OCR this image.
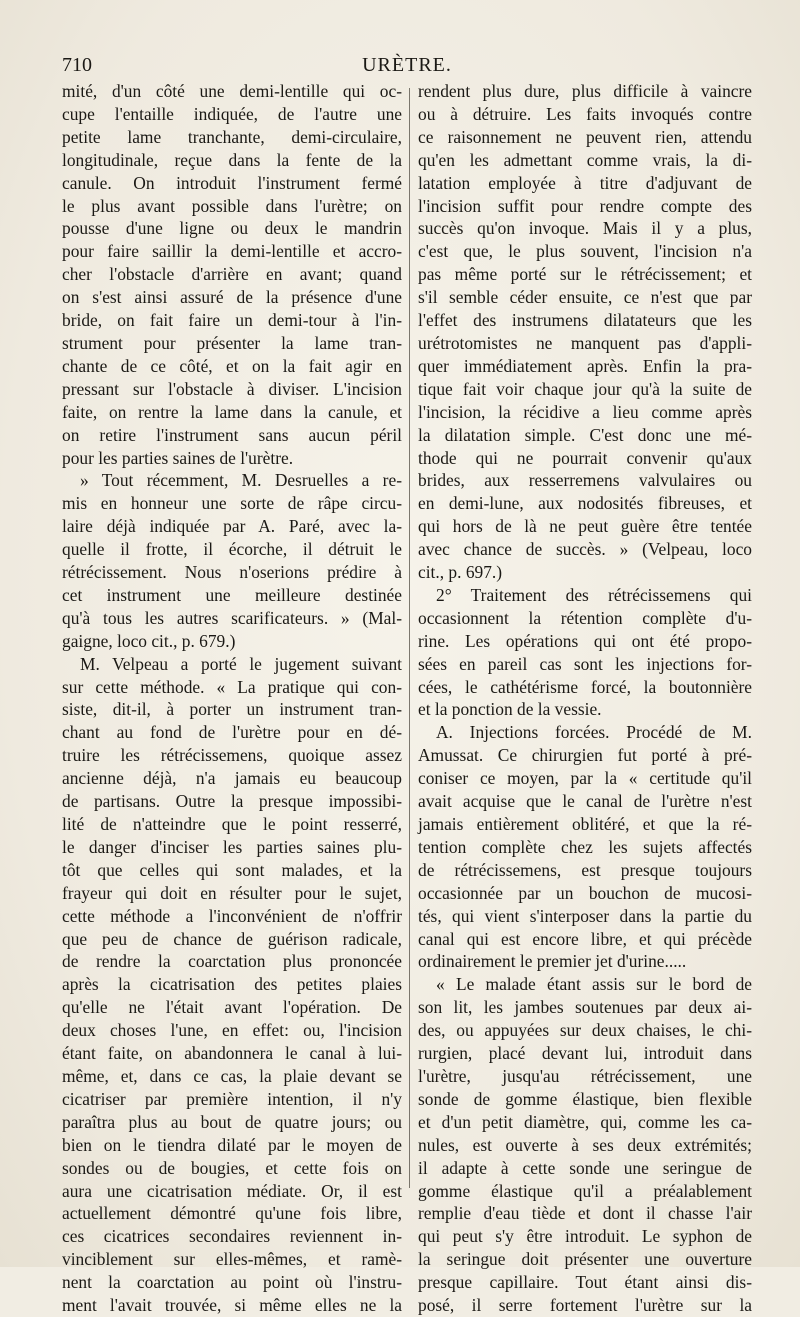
710	URÈTRE.
mité, d'un côté une demi-lentille qui oc-
cupe l'entaille indiquée, de l'autre une
petite lame tranchante, demi-circulaire,
longitudinale, reçue dans la fente de la
canule. On introduit l'instrument fermé
le plus avant possible dans l'urètre; on
pousse d'une ligne ou deux le mandrin
pour faire saillir la demi-lentille et accro-
cher l'obstacle d'arrière en avant; quand
on s'est ainsi assuré de la présence d'une
bride, on fait faire un demi-tour à l'in-
strument pour présenter la lame tran-
chante de ce côté, et on la fait agir en
pressant sur l'obstacle à diviser. L'incision
faite, on rentre la lame dans la canule, et
on retire l'instrument sans aucun péril
pour les parties saines de l'urètre.
» Tout récemment, M. Desruelles a re-
mis en honneur une sorte de râpe circu-
laire déjà indiquée par A. Paré, avec la-
quelle il frotte, il écorche, il détruit le
rétrécissement. Nous n'oserions prédire à
cet instrument une meilleure destinée
qu'à tous les autres scarificateurs. » (Mal-
gaigne, loco cit., p. 679.)
M. Velpeau a porté le jugement suivant
sur cette méthode. « La pratique qui con-
siste, dit-il, à porter un instrument tran-
chant au fond de l'urètre pour en dé-
truire les rétrécissemens, quoique assez
ancienne déjà, n'a jamais eu beaucoup
de partisans. Outre la presque impossibi-
lité de n'atteindre que le point resserré,
le danger d'inciser les parties saines plu-
tôt que celles qui sont malades, et la
frayeur qui doit en résulter pour le sujet,
cette méthode a l'inconvénient de n'offrir
que peu de chance de guérison radicale,
de rendre la coarctation plus prononcée
après la cicatrisation des petites plaies
qu'elle ne l'était avant l'opération. De
deux choses l'une, en effet: ou, l'incision
étant faite, on abandonnera le canal à lui-
même, et, dans ce cas, la plaie devant se
cicatriser par première intention, il n'y
paraîtra plus au bout de quatre jours; ou
bien on le tiendra dilaté par le moyen de
sondes ou de bougies, et cette fois on
aura une cicatrisation médiate. Or, il est
actuellement démontré qu'une fois libre,
ces cicatrices secondaires reviennent in-
vinciblement sur elles-mêmes, et ramè-
nent la coarctation au point où l'instru-
ment l'avait trouvée, si même elles ne la
rendent plus dure, plus difficile à vaincre
ou à détruire. Les faits invoqués contre
ce raisonnement ne peuvent rien, attendu
qu'en les admettant comme vrais, la di-
latation employée à titre d'adjuvant de
l'incision suffit pour rendre compte des
succès qu'on invoque. Mais il y a plus,
c'est que, le plus souvent, l'incision n'a
pas même porté sur le rétrécissement; et
s'il semble céder ensuite, ce n'est que par
l'effet des instrumens dilatateurs que les
urétrotomistes ne manquent pas d'appli-
quer immédiatement après. Enfin la pra-
tique fait voir chaque jour qu'à la suite de
l'incision, la récidive a lieu comme après
la dilatation simple. C'est donc une mé-
thode qui ne pourrait convenir qu'aux
brides, aux resserremens valvulaires ou
en demi-lune, aux nodosités fibreuses, et
qui hors de là ne peut guère être tentée
avec chance de succès. » (Velpeau, loco
cit., p. 697.)
2° Traitement des rétrécissemens qui
occasionnent la rétention complète d'u-
rine. Les opérations qui ont été propo-
sées en pareil cas sont les injections for-
cées, le cathétérisme forcé, la boutonnière
et la ponction de la vessie.
A. Injections forcées. Procédé de M.
Amussat. Ce chirurgien fut porté à pré-
coniser ce moyen, par la « certitude qu'il
avait acquise que le canal de l'urètre n'est
jamais entièrement oblitéré, et que la ré-
tention complète chez les sujets affectés
de rétrécissemens, est presque toujours
occasionnée par un bouchon de mucosi-
tés, qui vient s'interposer dans la partie du
canal qui est encore libre, et qui précède
ordinairement le premier jet d'urine.....
« Le malade étant assis sur le bord de
son lit, les jambes soutenues par deux ai-
des, ou appuyées sur deux chaises, le chi-
rurgien, placé devant lui, introduit dans
l'urètre, jusqu'au rétrécissement, une
sonde de gomme élastique, bien flexible
et d'un petit diamètre, qui, comme les ca-
nules, est ouverte à ses deux extrémités;
il adapte à cette sonde une seringue de
gomme élastique qu'il a préalablement
remplie d'eau tiède et dont il chasse l'air
qui peut s'y être introduit. Le syphon de
la seringue doit présenter une ouverture
presque capillaire. Tout étant ainsi dis-
posé, il serre fortement l'urètre sur la
